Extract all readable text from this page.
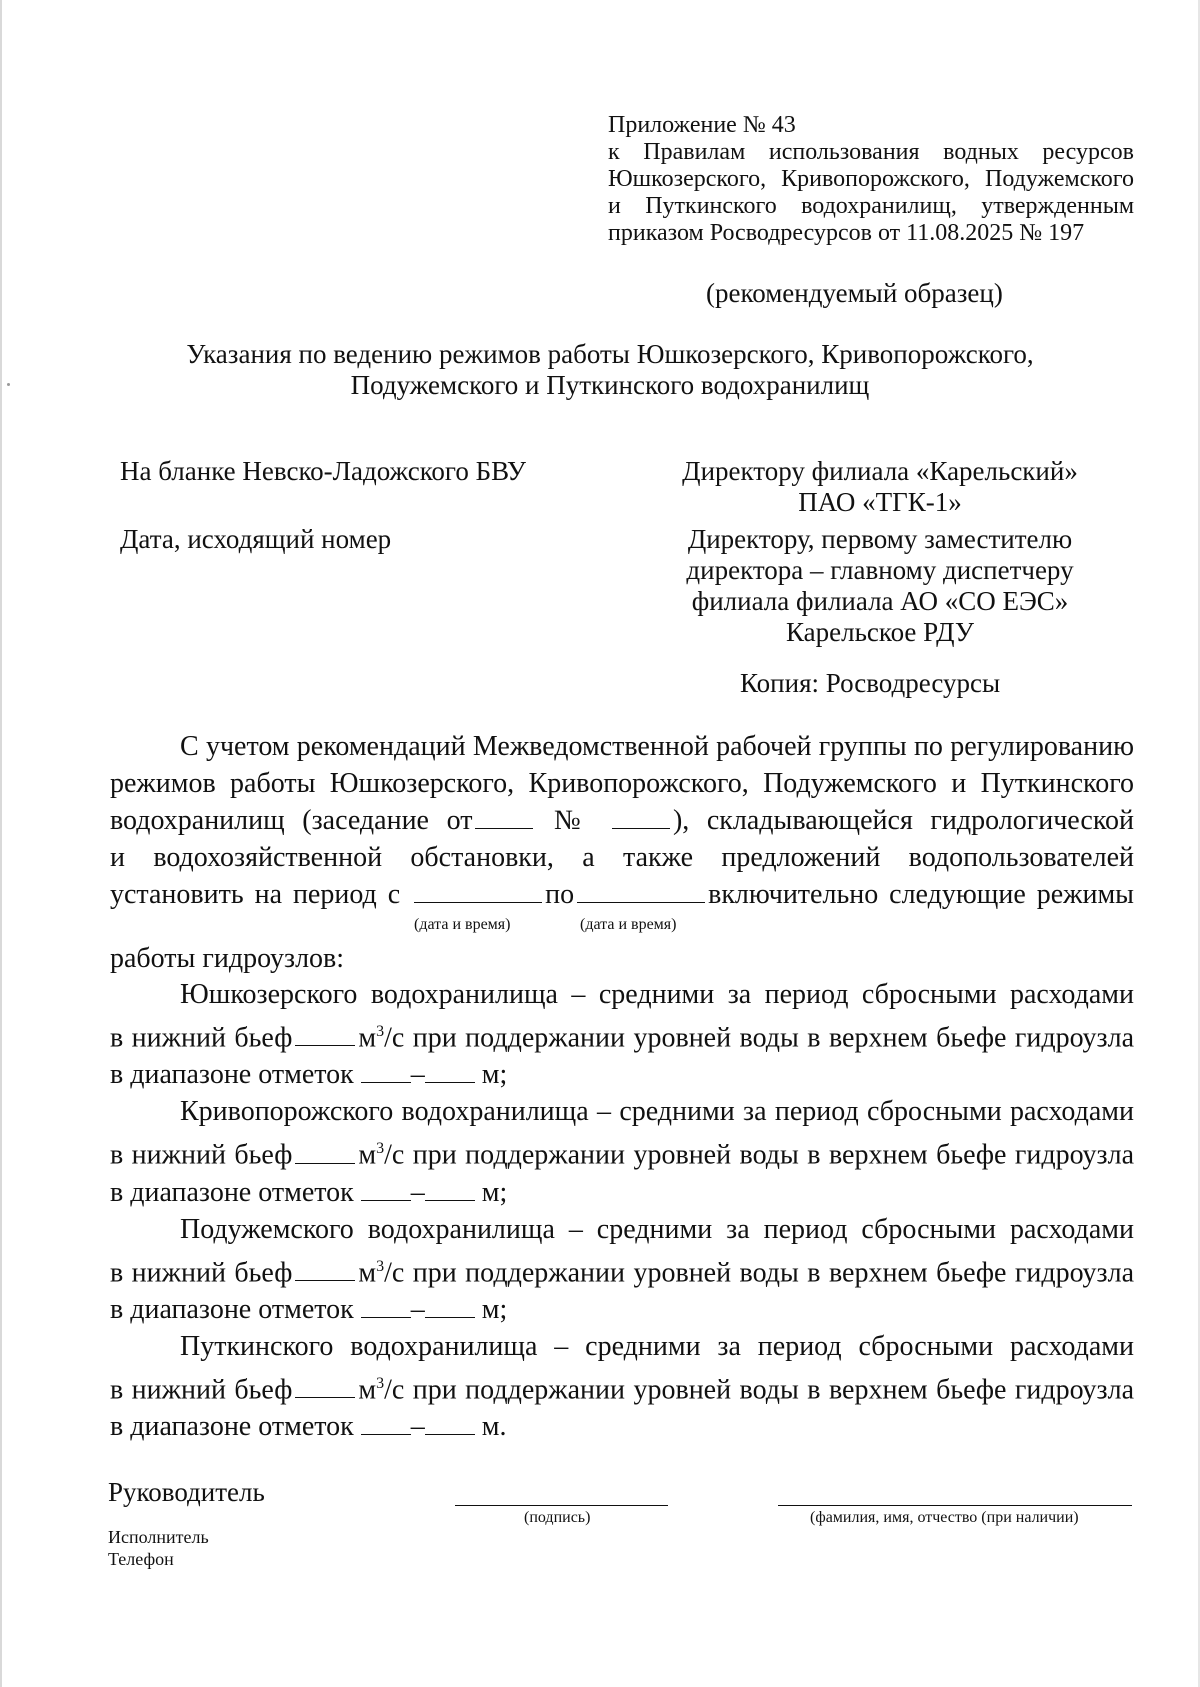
Приложение № 43
к Правилам использования водных ресурсов
Юшкозерского, Кривопорожского, Подужемского
и Путкинского водохранилищ, утвержденным
приказом Росводресурсов от 11.08.2025 № 197
(рекомендуемый образец)
Указания по ведению режимов работы Юшкозерского, Кривопорожского,
Подужемского и Путкинского водохранилищ
На бланке Невско-Ладожского БВУ
Дата, исходящий номер
Директору филиала «Карельский»
ПАО «ТГК-1»
Директору, первому заместителю
директора – главному диспетчеру
филиала филиала АО «СО ЕЭС»
Карельское РДУ
Копия: Росводресурсы
С учетом рекомендаций Межведомственной рабочей группы по регулированию
режимов работы Юшкозерского, Кривопорожского, Подужемского и Путкинского
водохранилищ (заседание от	№	), складывающейся гидрологической
и водохозяйственной обстановки, а также предложений водопользователей
установить на период с	по	включительно следующие режимы
(дата и время)	(дата и время)
работы гидроузлов:
Юшкозерского водохранилища – средними за период сбросными расходами
в нижний бьеф $м^3/с$ при поддержании уровней воды в верхнем бьефе гидроузла
в диапазоне отметок – м;
Кривопорожского водохранилища – средними за период сбросными расходами
в нижний бьеф $м^3/с$ при поддержании уровней воды в верхнем бьефе гидроузла
в диапазоне отметок – м;
Подужемского водохранилища – средними за период сбросными расходами
в нижний бьеф $м^3/с$ при поддержании уровней воды в верхнем бьефе гидроузла
в диапазоне отметок – м;
Путкинского водохранилища – средними за период сбросными расходами
в нижний бьеф $м^3/с$ при поддержании уровней воды в верхнем бьефе гидроузла
в диапазоне отметок – м.
Руководитель
(подпись)	(фамилия, имя, отчество (при наличии)
Исполнитель
Телефон
